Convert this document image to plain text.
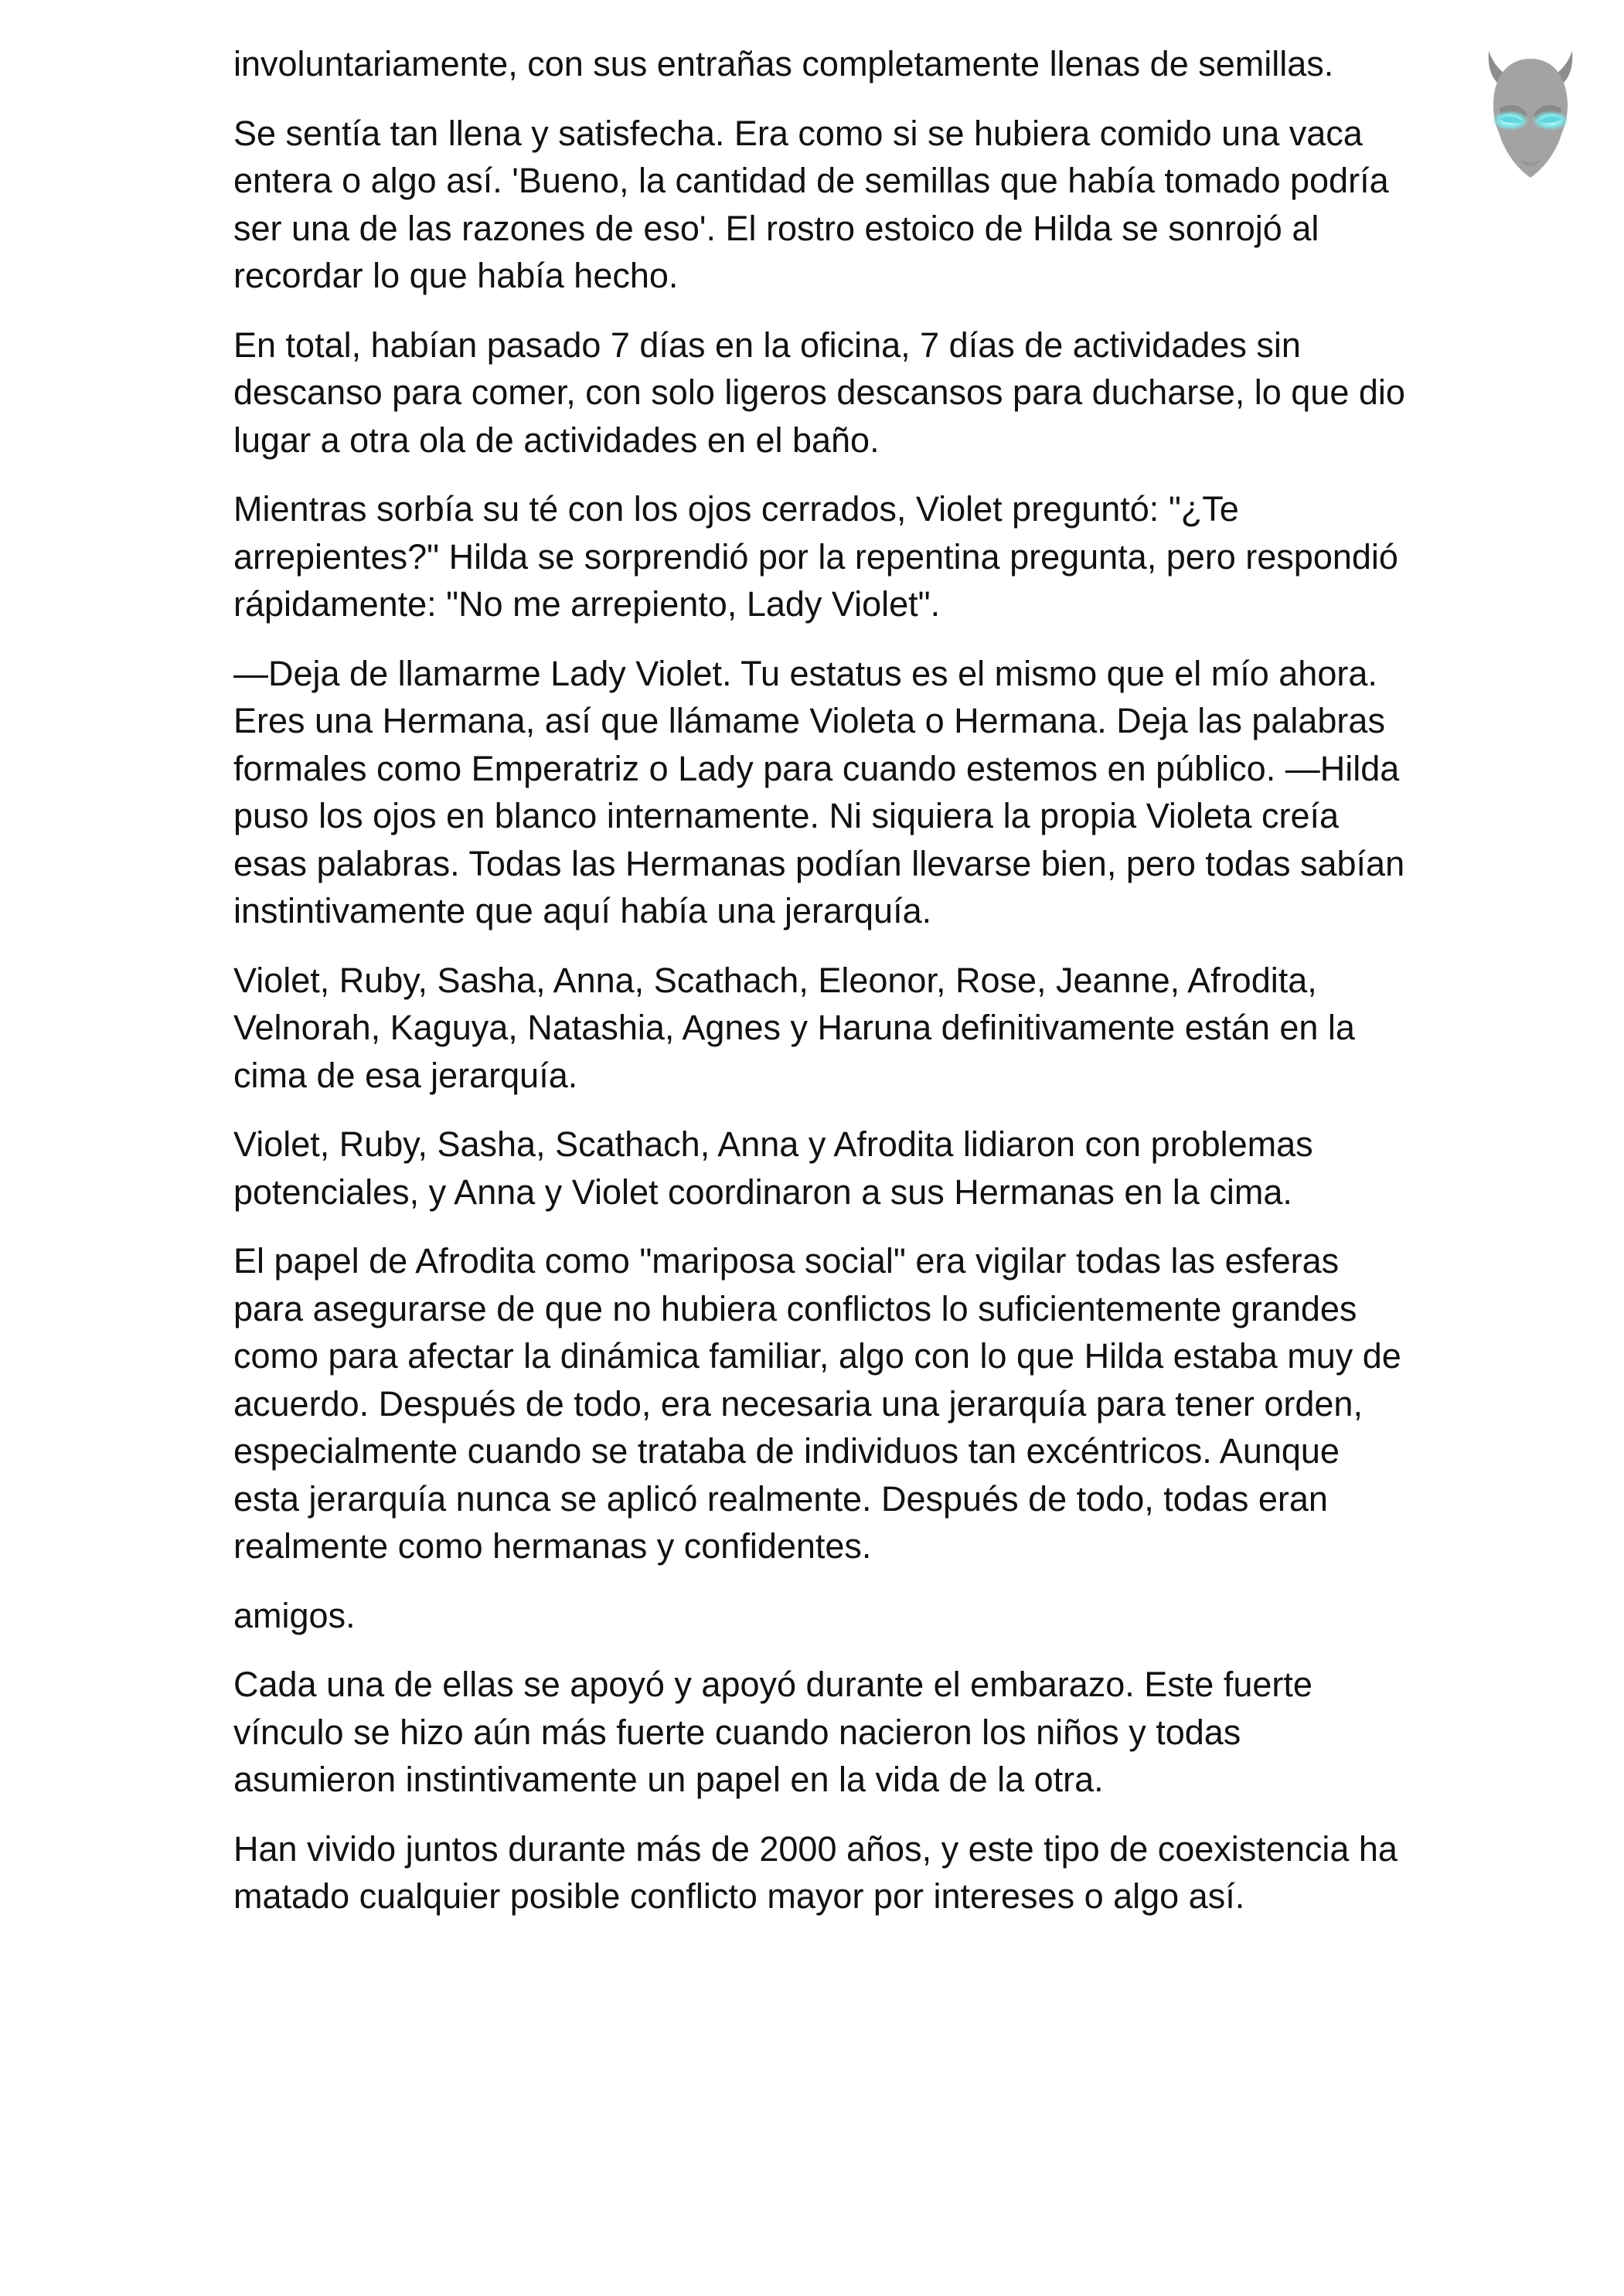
involuntariamente, con sus entrañas completamente llenas de semillas.

Se sentía tan llena y satisfecha. Era como si se hubiera comido una vaca entera o algo así. 'Bueno, la cantidad de semillas que había tomado podría ser una de las razones de eso'. El rostro estoico de Hilda se sonrojó al recordar lo que había hecho.

En total, habían pasado 7 días en la oficina, 7 días de actividades sin descanso para comer, con solo ligeros descansos para ducharse, lo que dio lugar a otra ola de actividades en el baño.

Mientras sorbía su té con los ojos cerrados, Violet preguntó: "¿Te arrepientes?" Hilda se sorprendió por la repentina pregunta, pero respondió rápidamente: "No me arrepiento, Lady Violet".

—Deja de llamarme Lady Violet. Tu estatus es el mismo que el mío ahora. Eres una Hermana, así que llámame Violeta o Hermana. Deja las palabras formales como Emperatriz o Lady para cuando estemos en público. —Hilda puso los ojos en blanco internamente. Ni siquiera la propia Violeta creía esas palabras. Todas las Hermanas podían llevarse bien, pero todas sabían instintivamente que aquí había una jerarquía.

Violet, Ruby, Sasha, Anna, Scathach, Eleonor, Rose, Jeanne, Afrodita, Velnorah, Kaguya, Natashia, Agnes y Haruna definitivamente están en la cima de esa jerarquía.

Violet, Ruby, Sasha, Scathach, Anna y Afrodita lidiaron con problemas potenciales, y Anna y Violet coordinaron a sus Hermanas en la cima.

El papel de Afrodita como "mariposa social" era vigilar todas las esferas para asegurarse de que no hubiera conflictos lo suficientemente grandes como para afectar la dinámica familiar, algo con lo que Hilda estaba muy de acuerdo. Después de todo, era necesaria una jerarquía para tener orden, especialmente cuando se trataba de individuos tan excéntricos. Aunque esta jerarquía nunca se aplicó realmente. Después de todo, todas eran realmente como hermanas y confidentes.

amigos.

Cada una de ellas se apoyó y apoyó durante el embarazo. Este fuerte vínculo se hizo aún más fuerte cuando nacieron los niños y todas asumieron instintivamente un papel en la vida de la otra.

Han vivido juntos durante más de 2000 años, y este tipo de coexistencia ha matado cualquier posible conflicto mayor por intereses o algo así.
